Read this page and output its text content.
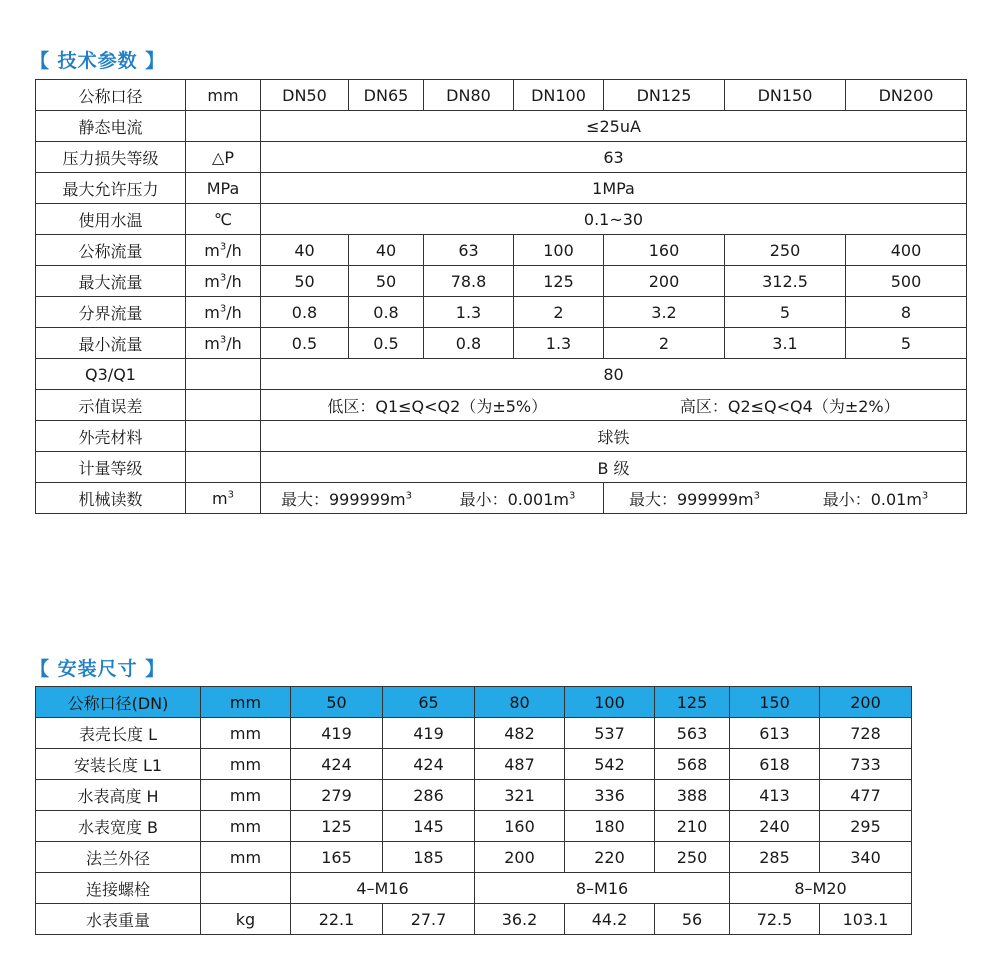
【 技术参数 】
公称口径	mm	DN50	DN65	DN80	DN100	DN125	DN150	DN200
静态电流		≤25uA						
压力损失等级	△P	63						
最大允许压力	MPa	1MPa						
使用水温	℃	0.1~30						
公称流量	$m^3/h$	40	40	63	100	160	250	400
最大流量	$m^3/h$	50	50	78.8	125	200	312.5	500
分界流量	$m^3/h$	0.8	0.8	1.3	2	3.2	5	8
最小流量	$m^3/h$	0.5	0.5	0.8	1.3	2	3.1	5
Q3/Q1		80						
示值误差		低区：Q1≤Q<Q2（为±5%） 高区：Q2≤Q<Q4（为±2%）						

外壳材料		球铁						
计量等级		B 级						
机械读数	$m^3$	最大：$999999m^3$ 最小：$0.001m^3$				最大：$999999m^3$ 最小：$0.01m^3$
【 安装尺寸 】
公称口径(DN)	mm	50	65	80	100	125	150	200
表壳长度 L	mm	419	419	482	537	563	613	728
安装长度 L1	mm	424	424	487	542	568	618	733
水表高度 H	mm	279	286	321	336	388	413	477
水表宽度 B	mm	125	145	160	180	210	240	295
法兰外径	mm	165	185	200	220	250	285	340
连接螺栓		4–M16		8–M16			8–M20	
水表重量	kg	22.1	27.7	36.2	44.2	56	72.5	103.1
